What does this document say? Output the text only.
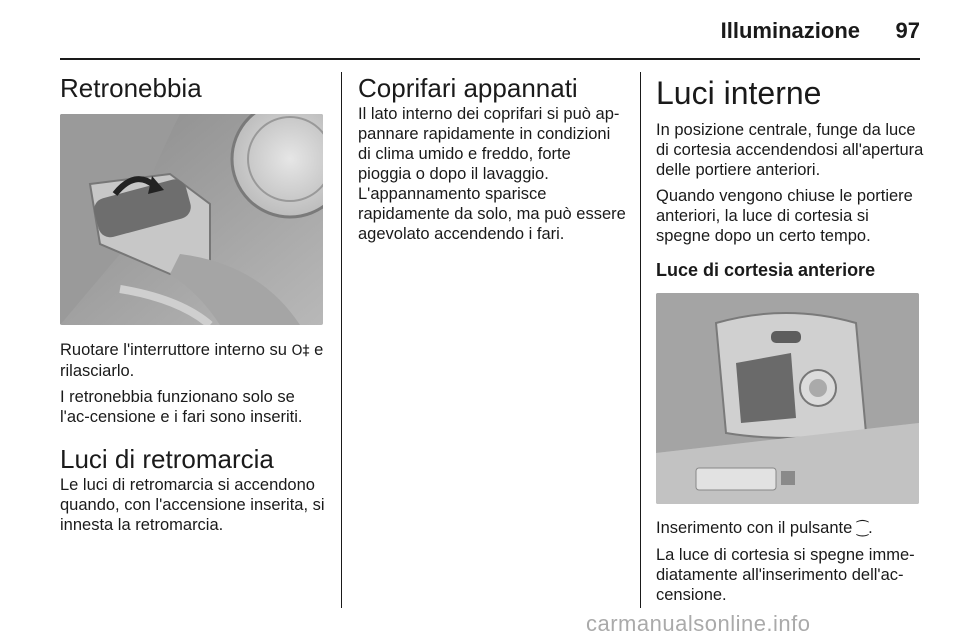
Illuminazione	97
Retronebbia

Ruotare l'interruttore interno su O‡ e rilasciarlo.

I retronebbia funzionano solo se l'ac-censione e i fari sono inseriti.

Luci di retromarcia

Le luci di retromarcia si accendono quando, con l'accensione inserita, si innesta la retromarcia.

Coprifari appannati

Il lato interno dei coprifari si può ap-pannare rapidamente in condizioni di clima umido e freddo, forte pioggia o dopo il lavaggio. L'appannamento sparisce rapidamente da solo, ma può essere agevolato accendendo i fari.

Luci interne

In posizione centrale, funge da luce di cortesia accendendosi all'apertura delle portiere anteriori.

Quando vengono chiuse le portiere anteriori, la luce di cortesia si spegne dopo un certo tempo.

Luce di cortesia anteriore

Inserimento con il pulsante ⁐.

La luce di cortesia si spegne imme-diatamente all'inserimento dell'ac-censione.

carmanualsonline.info
